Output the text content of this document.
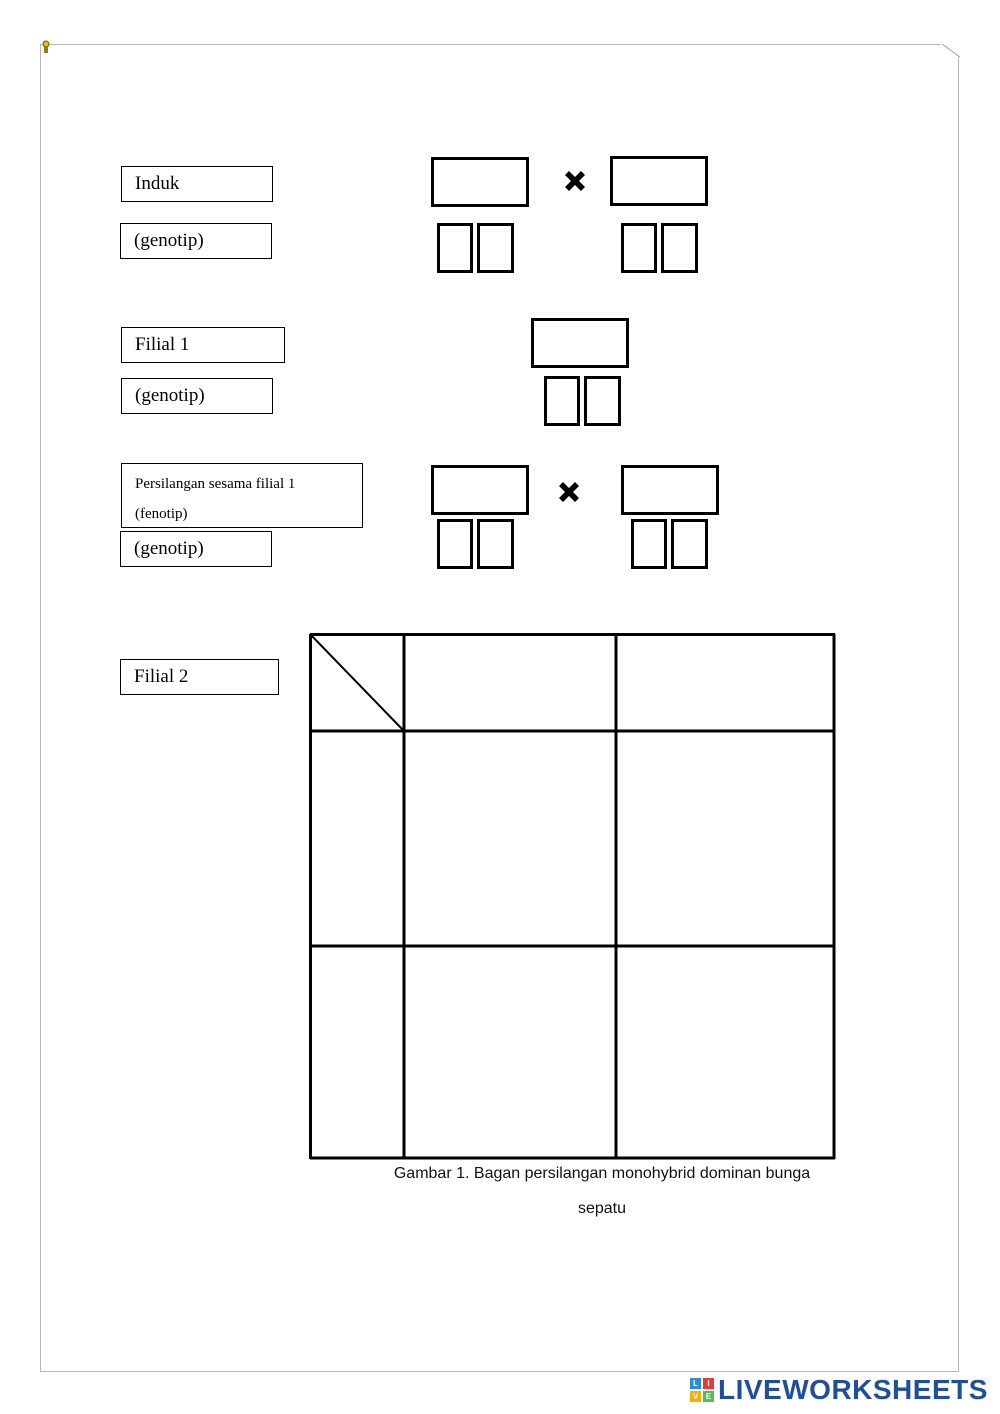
Induk
(genotip)
Filial 1
(genotip)
Persilangan sesama filial 1
(fenotip)
(genotip)
Filial 2
Gambar 1. Bagan persilangan monohybrid dominan bunga
sepatu
L	I
V E LIVEWORKSHEETS
